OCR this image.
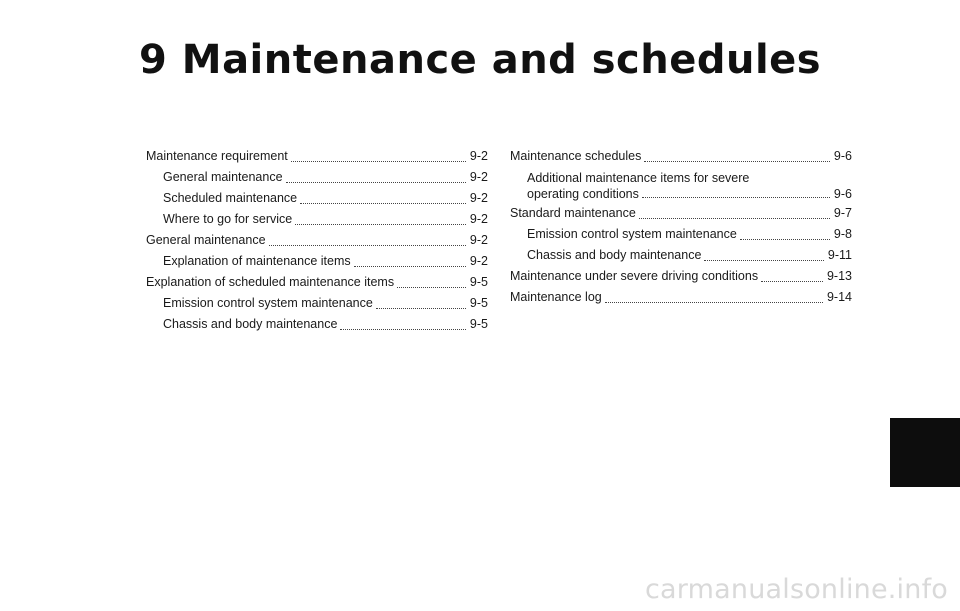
9 Maintenance and schedules
Maintenance requirement	9-2
General maintenance	9-2
Scheduled maintenance	9-2
Where to go for service	9-2
General maintenance	9-2
Explanation of maintenance items	9-2
Explanation of scheduled maintenance items	9-5
Emission control system maintenance	9-5
Chassis and body maintenance	9-5
Maintenance schedules	9-6
Additional maintenance items for severe
operating conditions	9-6
Standard maintenance	9-7
Emission control system maintenance	9-8
Chassis and body maintenance	9-11
Maintenance under severe driving conditions	9-13
Maintenance log	9-14
carmanualsonline.info
